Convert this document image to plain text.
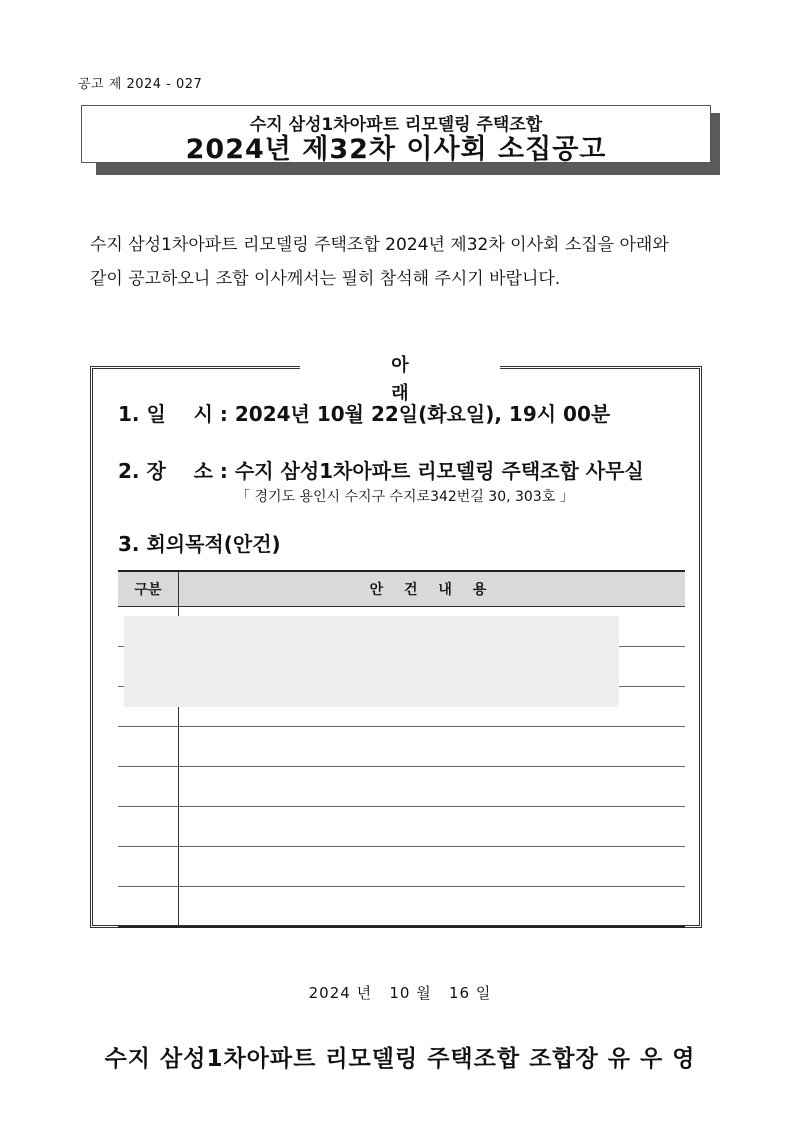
공고 제 2024 - 027
수지 삼성1차아파트 리모델링 주택조합
2024년 제32차 이사회 소집공고
수지 삼성1차아파트 리모델링 주택조합 2024년 제32차 이사회 소집을 아래와
같이 공고하오니 조합 이사께서는 필히 참석해 주시기 바랍니다.
아 래
1. 일    시 : 2024년 10월 22일(화요일), 19시 00분
2. 장    소 : 수지 삼성1차아파트 리모델링 주택조합 사무실
「 경기도 용인시 수지구 수지로342번길 30, 303호 」
3. 회의목적(안건)
구분	안 건 내 용

2024 년   10 월   16 일
수지 삼성1차아파트 리모델링 주택조합 조합장 유 우 영
